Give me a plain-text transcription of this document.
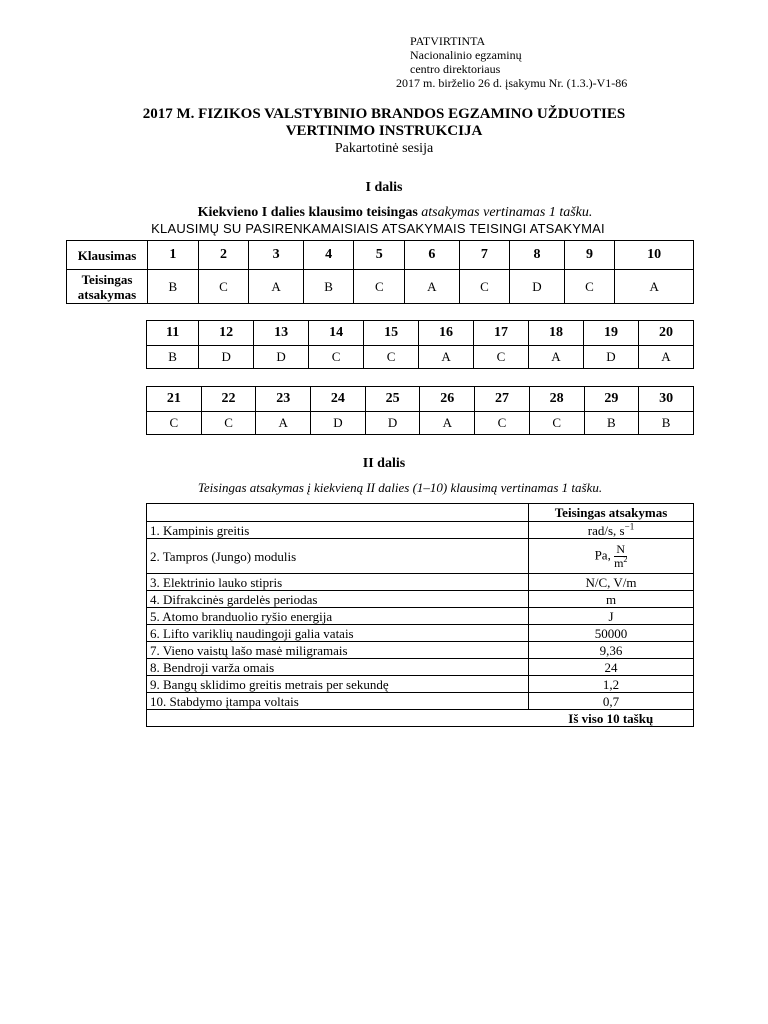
PATVIRTINTA
Nacionalinio egzaminų
centro direktoriaus
2017 m. birželio 26 d. įsakymu Nr. (1.3.)-V1-86
2017 M. FIZIKOS VALSTYBINIO BRANDOS EGZAMINO UŽDUOTIES
VERTINIMO INSTRUKCIJA
Pakartotinė sesija
I dalis
Kiekvieno I dalies klausimo teisingas atsakymas vertinamas 1 tašku.
KLAUSIMŲ SU PASIRENKAMAISIAIS ATSAKYMAIS TEISINGI ATSAKYMAI
Klausimas	1	2	3	4	5	6	7	8	9	10
Teisingas
atsakymas	B	C	A	B	C	A	C	D	C	A
11	12	13	14	15	16	17	18	19	20
B	D	D	C	C	A	C	A	D	A
21	22	23	24	25	26	27	28	29	30
C	C	A	D	D	A	C	C	B	B
II dalis
Teisingas atsakymas į kiekvieną II dalies (1–10) klausimą vertinamas 1 tašku.
	Teisingas atsakymas
1. Kampinis greitis	rad/s, $s^{-1}$
2. Tampros (Jungo) modulis	Pa, $\frac{N}{m^2}$

3. Elektrinio lauko stipris	N/C, V/m
4. Difrakcinės gardelės periodas	m
5. Atomo branduolio ryšio energija	J
6. Lifto variklių naudingoji galia vatais	50000
7. Vieno vaistų lašo masė miligramais	9,36
8. Bendroji varža omais	24
9. Bangų sklidimo greitis metrais per sekundę	1,2
10. Stabdymo įtampa voltais	0,7
	Iš viso 10 taškų
